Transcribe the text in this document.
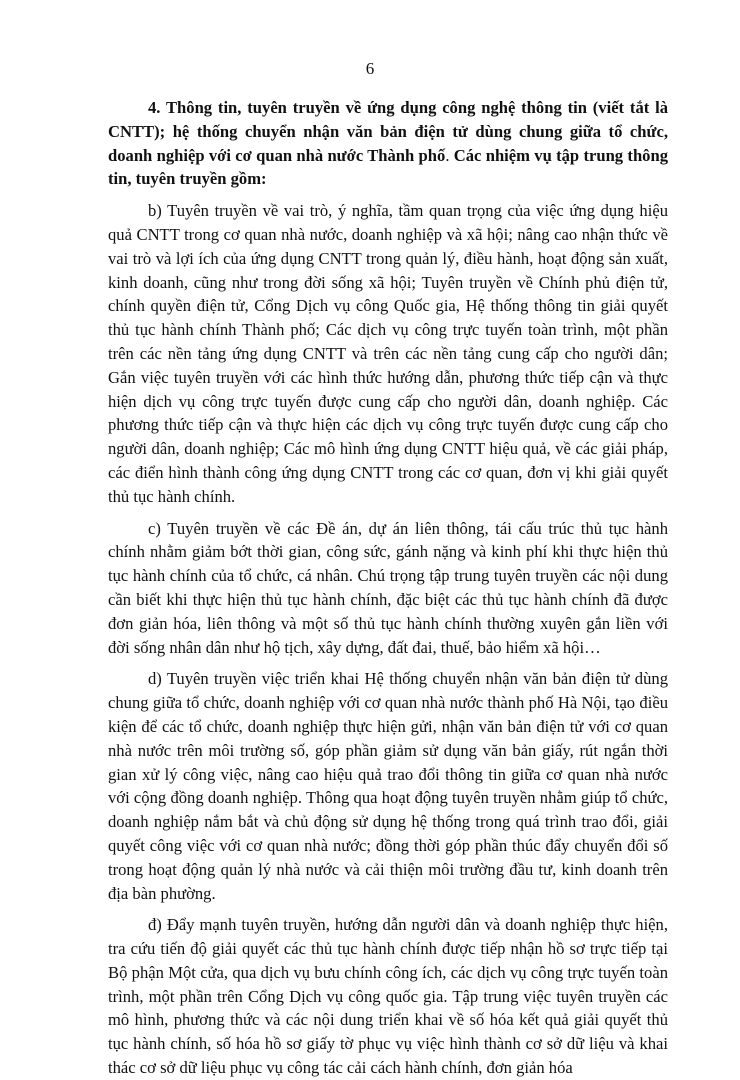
6

4. Thông tin, tuyên truyền về ứng dụng công nghệ thông tin (viết tắt là CNTT); hệ thống chuyển nhận văn bản điện tử dùng chung giữa tổ chức, doanh nghiệp với cơ quan nhà nước Thành phố. Các nhiệm vụ tập trung thông tin, tuyên truyền gồm:

b) Tuyên truyền về vai trò, ý nghĩa, tầm quan trọng của việc ứng dụng hiệu quả CNTT trong cơ quan nhà nước, doanh nghiệp và xã hội; nâng cao nhận thức về vai trò và lợi ích của ứng dụng CNTT trong quản lý, điều hành, hoạt động sản xuất, kinh doanh, cũng như trong đời sống xã hội; Tuyên truyền về Chính phủ điện tử, chính quyền điện tử, Cổng Dịch vụ công Quốc gia, Hệ thống thông tin giải quyết thủ tục hành chính Thành phố; Các dịch vụ công trực tuyến toàn trình, một phần trên các nền tảng ứng dụng CNTT và trên các nền tảng cung cấp cho người dân; Gắn việc tuyên truyền với các hình thức hướng dẫn, phương thức tiếp cận và thực hiện dịch vụ công trực tuyến được cung cấp cho người dân, doanh nghiệp. Các phương thức tiếp cận và thực hiện các dịch vụ công trực tuyến được cung cấp cho người dân, doanh nghiệp; Các mô hình ứng dụng CNTT hiệu quả, về các giải pháp, các điển hình thành công ứng dụng CNTT trong các cơ quan, đơn vị khi giải quyết thủ tục hành chính.

c) Tuyên truyền về các Đề án, dự án liên thông, tái cấu trúc thủ tục hành chính nhằm giảm bớt thời gian, công sức, gánh nặng và kinh phí khi thực hiện thủ tục hành chính của tổ chức, cá nhân. Chú trọng tập trung tuyên truyền các nội dung cần biết khi thực hiện thủ tục hành chính, đặc biệt các thủ tục hành chính đã được đơn giản hóa, liên thông và một số thủ tục hành chính thường xuyên gắn liền với đời sống nhân dân như hộ tịch, xây dựng, đất đai, thuế, bảo hiểm xã hội…

d) Tuyên truyền việc triển khai Hệ thống chuyển nhận văn bản điện tử dùng chung giữa tổ chức, doanh nghiệp với cơ quan nhà nước thành phố Hà Nội, tạo điều kiện để các tổ chức, doanh nghiệp thực hiện gửi, nhận văn bản điện tử với cơ quan nhà nước trên môi trường số, góp phần giảm sử dụng văn bản giấy, rút ngắn thời gian xử lý công việc, nâng cao hiệu quả trao đổi thông tin giữa cơ quan nhà nước với cộng đồng doanh nghiệp. Thông qua hoạt động tuyên truyền nhằm giúp tổ chức, doanh nghiệp nắm bắt và chủ động sử dụng hệ thống trong quá trình trao đổi, giải quyết công việc với cơ quan nhà nước; đồng thời góp phần thúc đẩy chuyển đổi số trong hoạt động quản lý nhà nước và cải thiện môi trường đầu tư, kinh doanh trên địa bàn phường.

đ) Đẩy mạnh tuyên truyền, hướng dẫn người dân và doanh nghiệp thực hiện, tra cứu tiến độ giải quyết các thủ tục hành chính được tiếp nhận hồ sơ trực tiếp tại Bộ phận Một cửa, qua dịch vụ bưu chính công ích, các dịch vụ công trực tuyến toàn trình, một phần trên Cổng Dịch vụ công quốc gia. Tập trung việc tuyên truyền các mô hình, phương thức và các nội dung triển khai về số hóa kết quả giải quyết thủ tục hành chính, số hóa hồ sơ giấy tờ phục vụ việc hình thành cơ sở dữ liệu và khai thác cơ sở dữ liệu phục vụ công tác cải cách hành chính, đơn giản hóa
